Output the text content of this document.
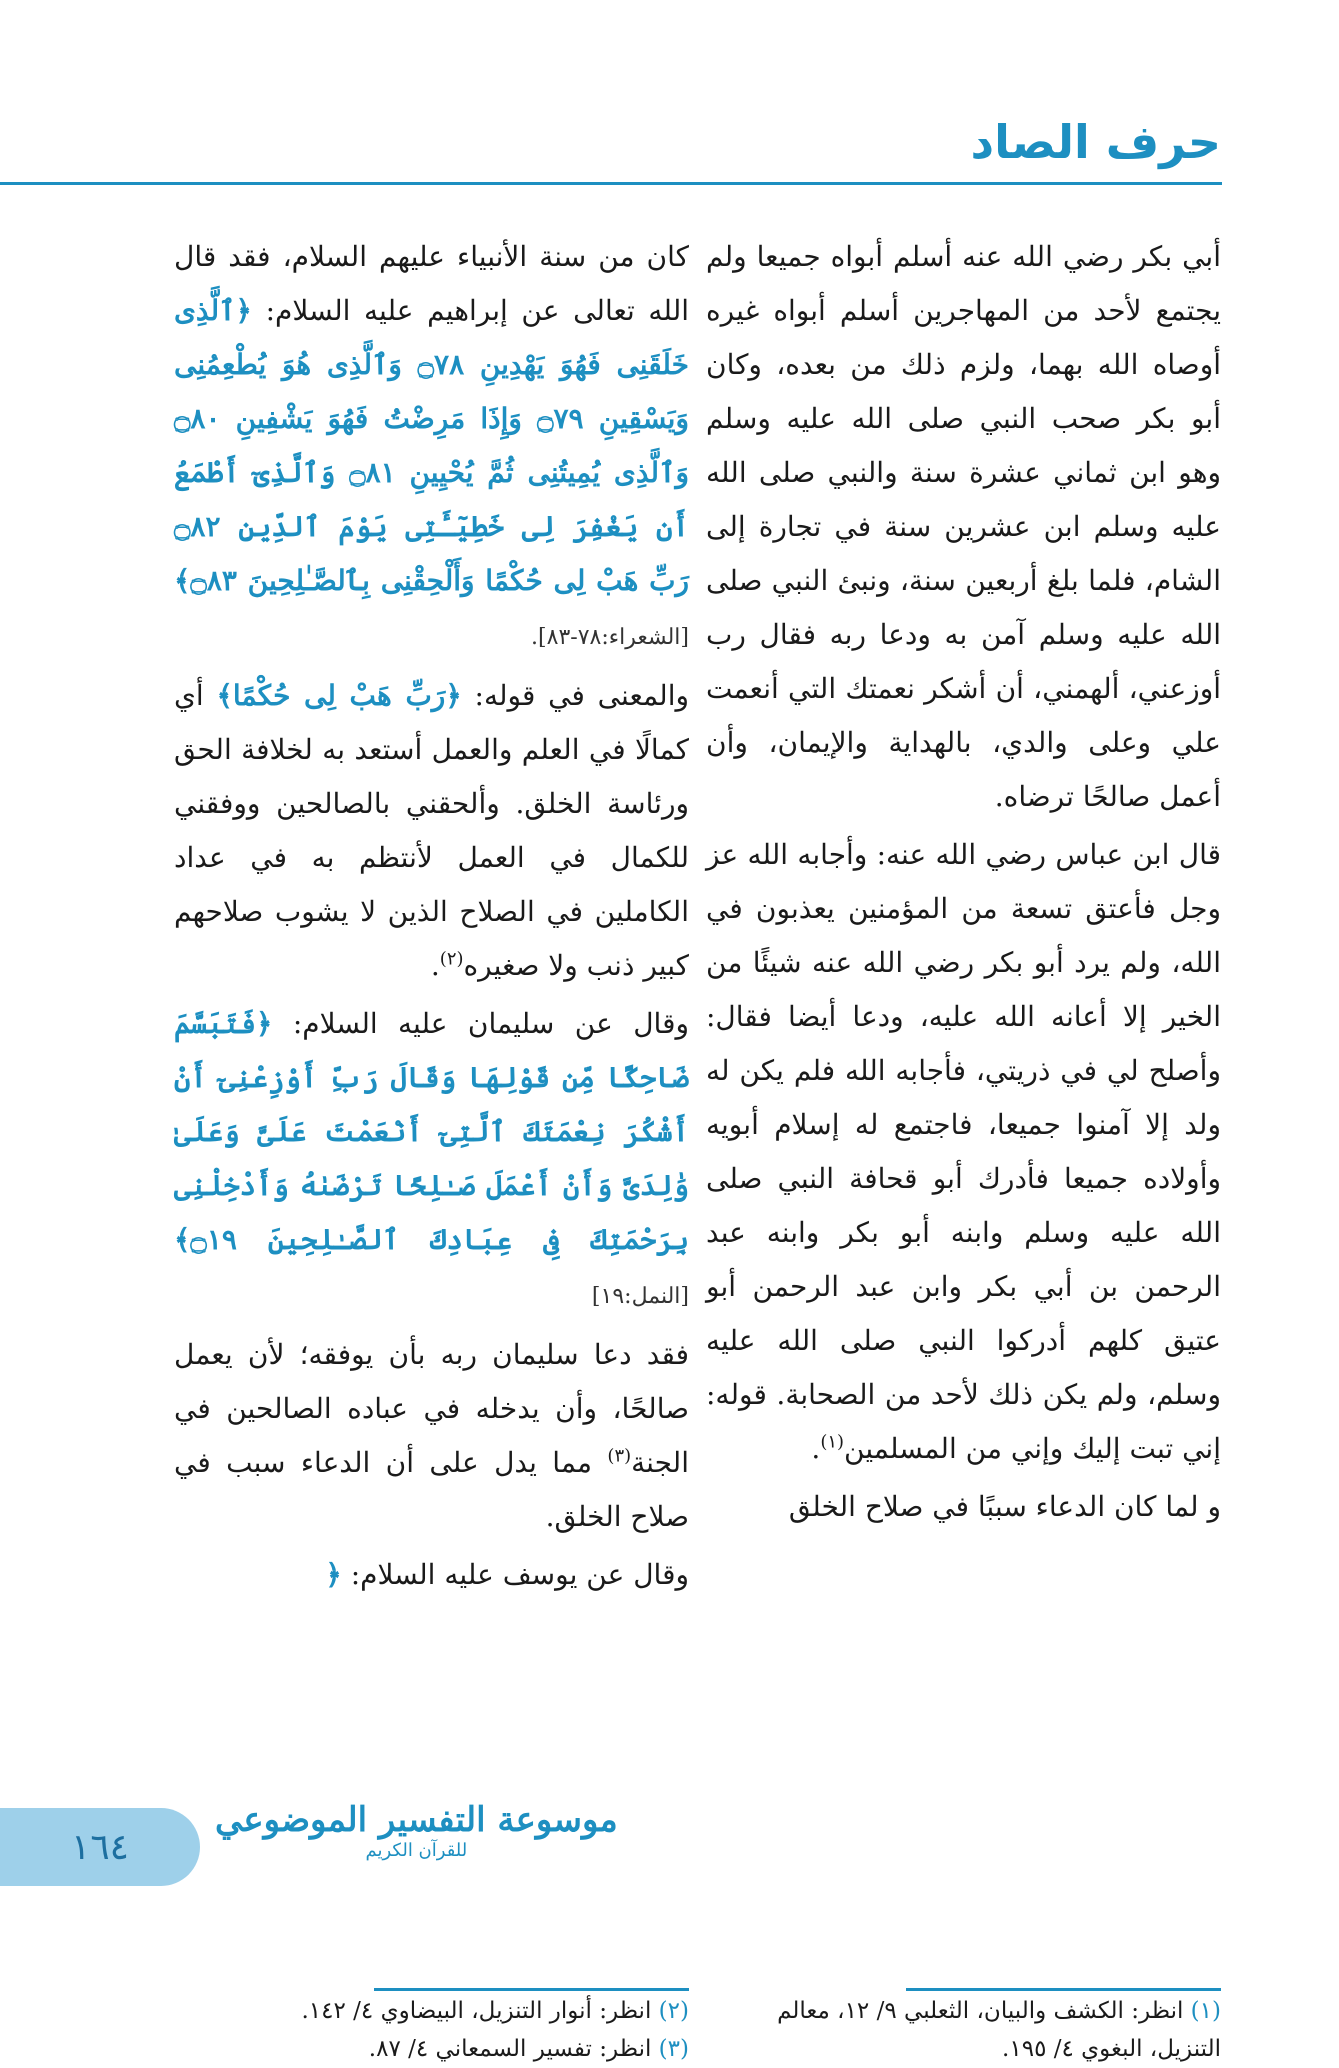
حرف الصاد

أبي بكر رضي الله عنه أسلم أبواه جميعا ولم يجتمع لأحد من المهاجرين أسلم أبواه غيره أوصاه الله بهما، ولزم ذلك من بعده، وكان أبو بكر صحب النبي صلى الله عليه وسلم وهو ابن ثماني عشرة سنة والنبي صلى الله عليه وسلم ابن عشرين سنة في تجارة إلى الشام، فلما بلغ أربعين سنة، ونبئ النبي صلى الله عليه وسلم آمن به ودعا ربه فقال رب أوزعني، ألهمني، أن أشكر نعمتك التي أنعمت علي وعلى والدي، بالهداية والإيمان، وأن أعمل صالحًا ترضاه.

قال ابن عباس رضي الله عنه: وأجابه الله عز وجل فأعتق تسعة من المؤمنين يعذبون في الله، ولم يرد أبو بكر رضي الله عنه شيئًا من الخير إلا أعانه الله عليه، ودعا أيضا فقال: وأصلح لي في ذريتي، فأجابه الله فلم يكن له ولد إلا آمنوا جميعا، فاجتمع له إسلام أبويه وأولاده جميعا فأدرك أبو قحافة النبي صلى الله عليه وسلم وابنه أبو بكر وابنه عبد الرحمن بن أبي بكر وابن عبد الرحمن أبو عتيق كلهم أدركوا النبي صلى الله عليه وسلم، ولم يكن ذلك لأحد من الصحابة. قوله: إني تبت إليك وإني من المسلمين$^{(١)}$.

و لما كان الدعاء سببًا في صلاح الخلق

كان من سنة الأنبياء عليهم السلام، فقد قال الله تعالى عن إبراهيم عليه السلام: ﴿ٱلَّذِى خَلَقَنِى فَهُوَ يَهْدِينِ ۝٧٨ وَٱلَّذِى هُوَ يُطْعِمُنِى وَيَسْقِينِ ۝٧٩ وَإِذَا مَرِضْتُ فَهُوَ يَشْفِينِ ۝٨٠ وَٱلَّذِى يُمِيتُنِى ثُمَّ يُحْيِينِ ۝٨١ وَٱلَّذِىٓ أَطْمَعُ أَن يَغْفِرَ لِى خَطِيٓـَٔتِى يَوْمَ ٱلدِّينِ ۝٨٢ رَبِّ هَبْ لِى حُكْمًا وَأَلْحِقْنِى بِٱلصَّـٰلِحِينَ ۝٨٣﴾ [الشعراء:٧٨-٨٣].

والمعنى في قوله: ﴿رَبِّ هَبْ لِى حُكْمًا﴾ أي كمالًا في العلم والعمل أستعد به لخلافة الحق ورئاسة الخلق. وألحقني بالصالحين ووفقني للكمال في العمل لأنتظم به في عداد الكاملين في الصلاح الذين لا يشوب صلاحهم كبير ذنب ولا صغيره$^{(٢)}$.

وقال عن سليمان عليه السلام: ﴿فَتَبَسَّمَ ضَاحِكًا مِّن قَوْلِهَا وَقَالَ رَبِّ أَوْزِعْنِىٓ أَنْ أَشْكُرَ نِعْمَتَكَ ٱلَّتِىٓ أَنْعَمْتَ عَلَىَّ وَعَلَىٰ وَٰلِدَىَّ وَأَنْ أَعْمَلَ صَـٰلِحًا تَرْضَىٰهُ وَأَدْخِلْنِى بِرَحْمَتِكَ فِى عِبَادِكَ ٱلصَّـٰلِحِينَ ۝١٩﴾ [النمل:١٩]

فقد دعا سليمان ربه بأن يوفقه؛ لأن يعمل صالحًا، وأن يدخله في عباده الصالحين في الجنة$^{(٣)}$ مما يدل على أن الدعاء سبب في صلاح الخلق.

وقال عن يوسف عليه السلام: ﴿

(١) انظر: الكشف والبيان، الثعلبي ٩/ ١٢، معالم التنزيل، البغوي ٤/ ١٩٥.

(٢) انظر: أنوار التنزيل، البيضاوي ٤/ ١٤٢.

(٣) انظر: تفسير السمعاني ٤/ ٨٧.

١٦٤
موسوعة التفسير الموضوعي
للقرآن الكريم
